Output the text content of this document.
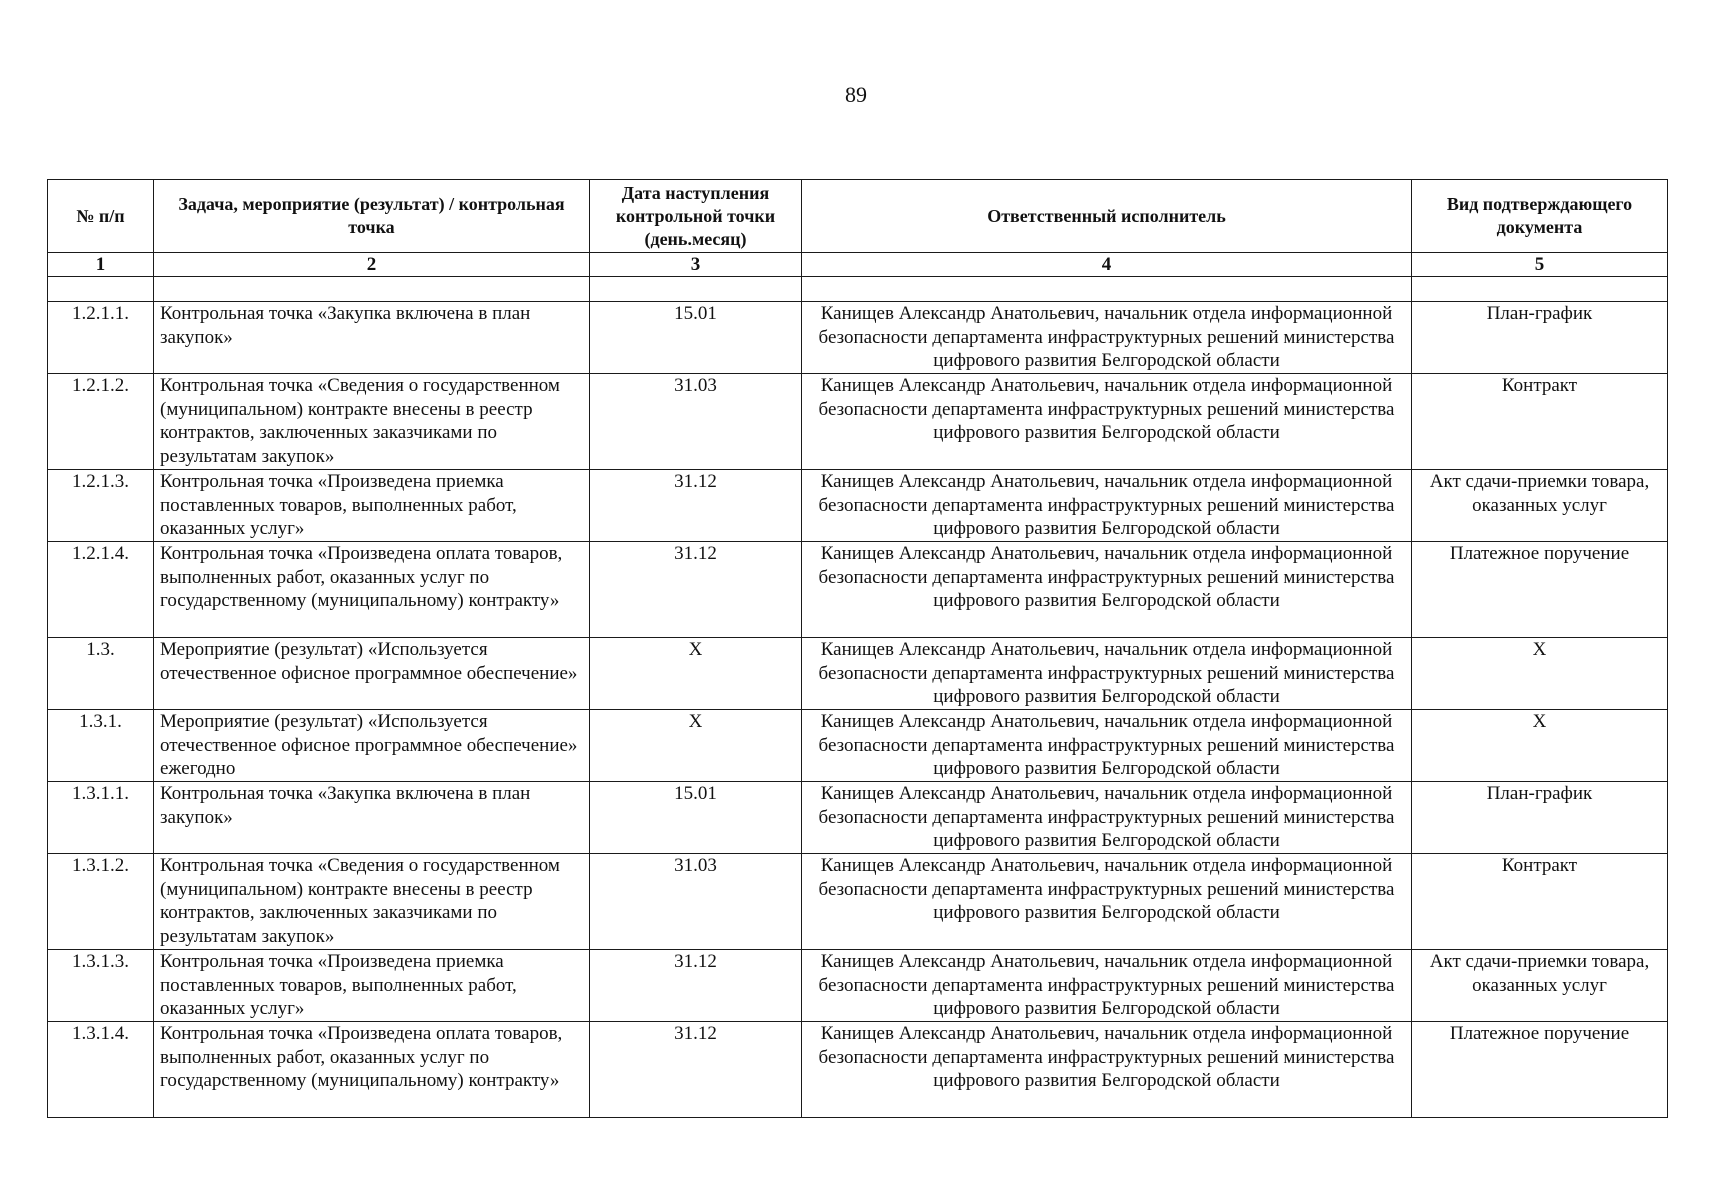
89
№ п/п	Задача, мероприятие (результат) / контрольная точка	Дата наступления контрольной точки (день.месяц)	Ответственный исполнитель	Вид подтверждающего документа
1	2	3	4	5

1.2.1.1.	Контрольная точка «Закупка включена в план закупок»	15.01	Канищев Александр Анатольевич, начальник отдела информационной безопасности департамента инфраструктурных решений министерства цифрового развития Белгородской области	План-график
1.2.1.2.	Контрольная точка «Сведения о государственном (муниципальном) контракте внесены в реестр контрактов, заключенных заказчиками по результатам закупок»	31.03	Канищев Александр Анатольевич, начальник отдела информационной безопасности департамента инфраструктурных решений министерства цифрового развития Белгородской области	Контракт
1.2.1.3.	Контрольная точка «Произведена приемка поставленных товаров, выполненных работ, оказанных услуг»	31.12	Канищев Александр Анатольевич, начальник отдела информационной безопасности департамента инфраструктурных решений министерства цифрового развития Белгородской области	Акт сдачи-приемки товара, оказанных услуг
1.2.1.4.	Контрольная точка «Произведена оплата товаров, выполненных работ, оказанных услуг по государственному (муниципальному) контракту»	31.12	Канищев Александр Анатольевич, начальник отдела информационной безопасности департамента инфраструктурных решений министерства цифрового развития Белгородской области	Платежное поручение
1.3.	Мероприятие (результат) «Используется отечественное офисное программное обеспечение»	X	Канищев Александр Анатольевич, начальник отдела информационной безопасности департамента инфраструктурных решений министерства цифрового развития Белгородской области	X
1.3.1.	Мероприятие (результат) «Используется отечественное офисное программное обеспечение» ежегодно	X	Канищев Александр Анатольевич, начальник отдела информационной безопасности департамента инфраструктурных решений министерства цифрового развития Белгородской области	X
1.3.1.1.	Контрольная точка «Закупка включена в план закупок»	15.01	Канищев Александр Анатольевич, начальник отдела информационной безопасности департамента инфраструктурных решений министерства цифрового развития Белгородской области	План-график
1.3.1.2.	Контрольная точка «Сведения о государственном (муниципальном) контракте внесены в реестр контрактов, заключенных заказчиками по результатам закупок»	31.03	Канищев Александр Анатольевич, начальник отдела информационной безопасности департамента инфраструктурных решений министерства цифрового развития Белгородской области	Контракт
1.3.1.3.	Контрольная точка «Произведена приемка поставленных товаров, выполненных работ, оказанных услуг»	31.12	Канищев Александр Анатольевич, начальник отдела информационной безопасности департамента инфраструктурных решений министерства цифрового развития Белгородской области	Акт сдачи-приемки товара, оказанных услуг
1.3.1.4.	Контрольная точка «Произведена оплата товаров, выполненных работ, оказанных услуг по государственному (муниципальному) контракту»	31.12	Канищев Александр Анатольевич, начальник отдела информационной безопасности департамента инфраструктурных решений министерства цифрового развития Белгородской области	Платежное поручение
